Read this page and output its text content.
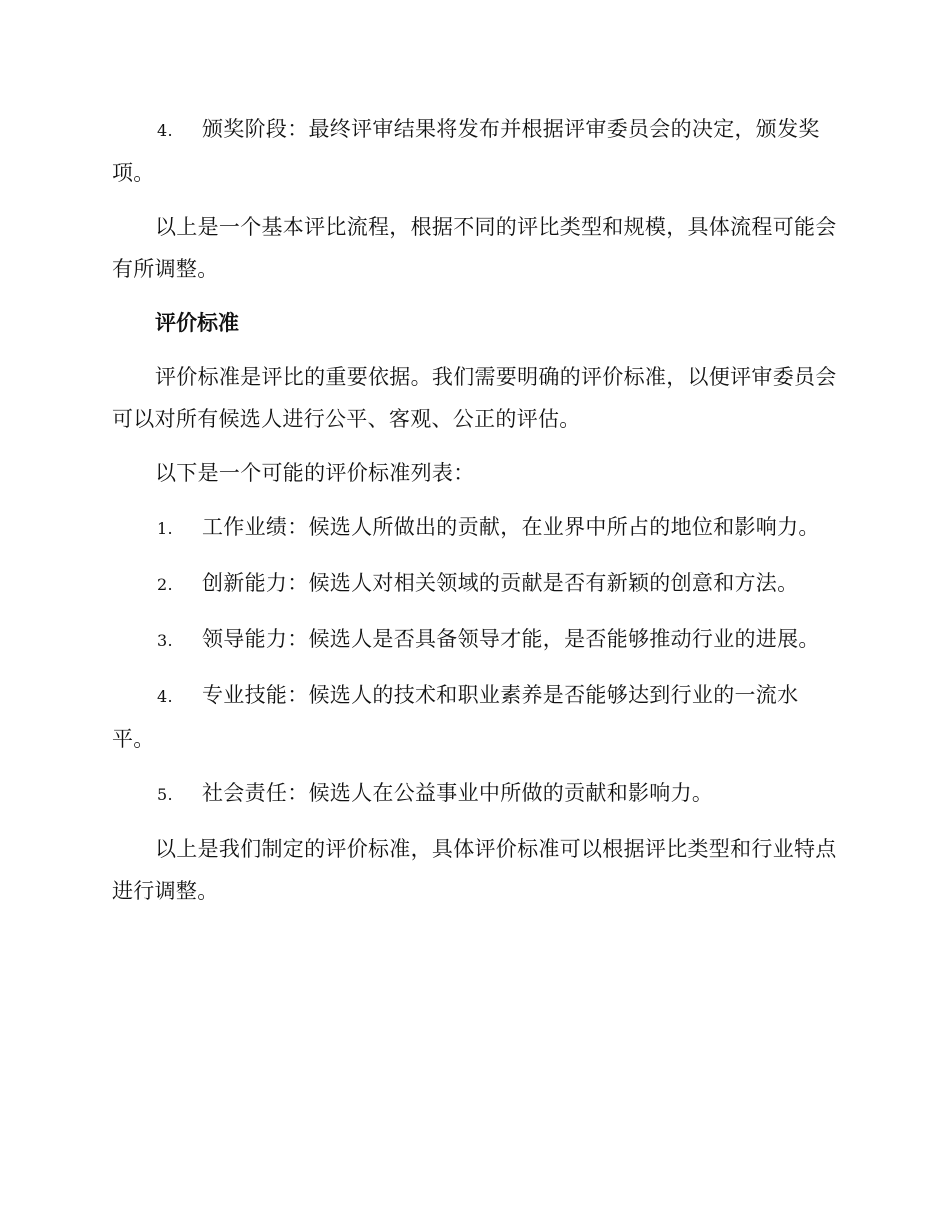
4. 颁奖阶段：最终评审结果将发布并根据评审委员会的决定，颁发奖项。

以上是一个基本评比流程，根据不同的评比类型和规模，具体流程可能会有所调整。

评价标准

评价标准是评比的重要依据。我们需要明确的评价标准，以便评审委员会可以对所有候选人进行公平、客观、公正的评估。

以下是一个可能的评价标准列表：

1. 工作业绩：候选人所做出的贡献，在业界中所占的地位和影响力。
2. 创新能力：候选人对相关领域的贡献是否有新颖的创意和方法。
3. 领导能力：候选人是否具备领导才能，是否能够推动行业的进展。
4. 专业技能：候选人的技术和职业素养是否能够达到行业的一流水平。
5. 社会责任：候选人在公益事业中所做的贡献和影响力。

以上是我们制定的评价标准，具体评价标准可以根据评比类型和行业特点进行调整。
